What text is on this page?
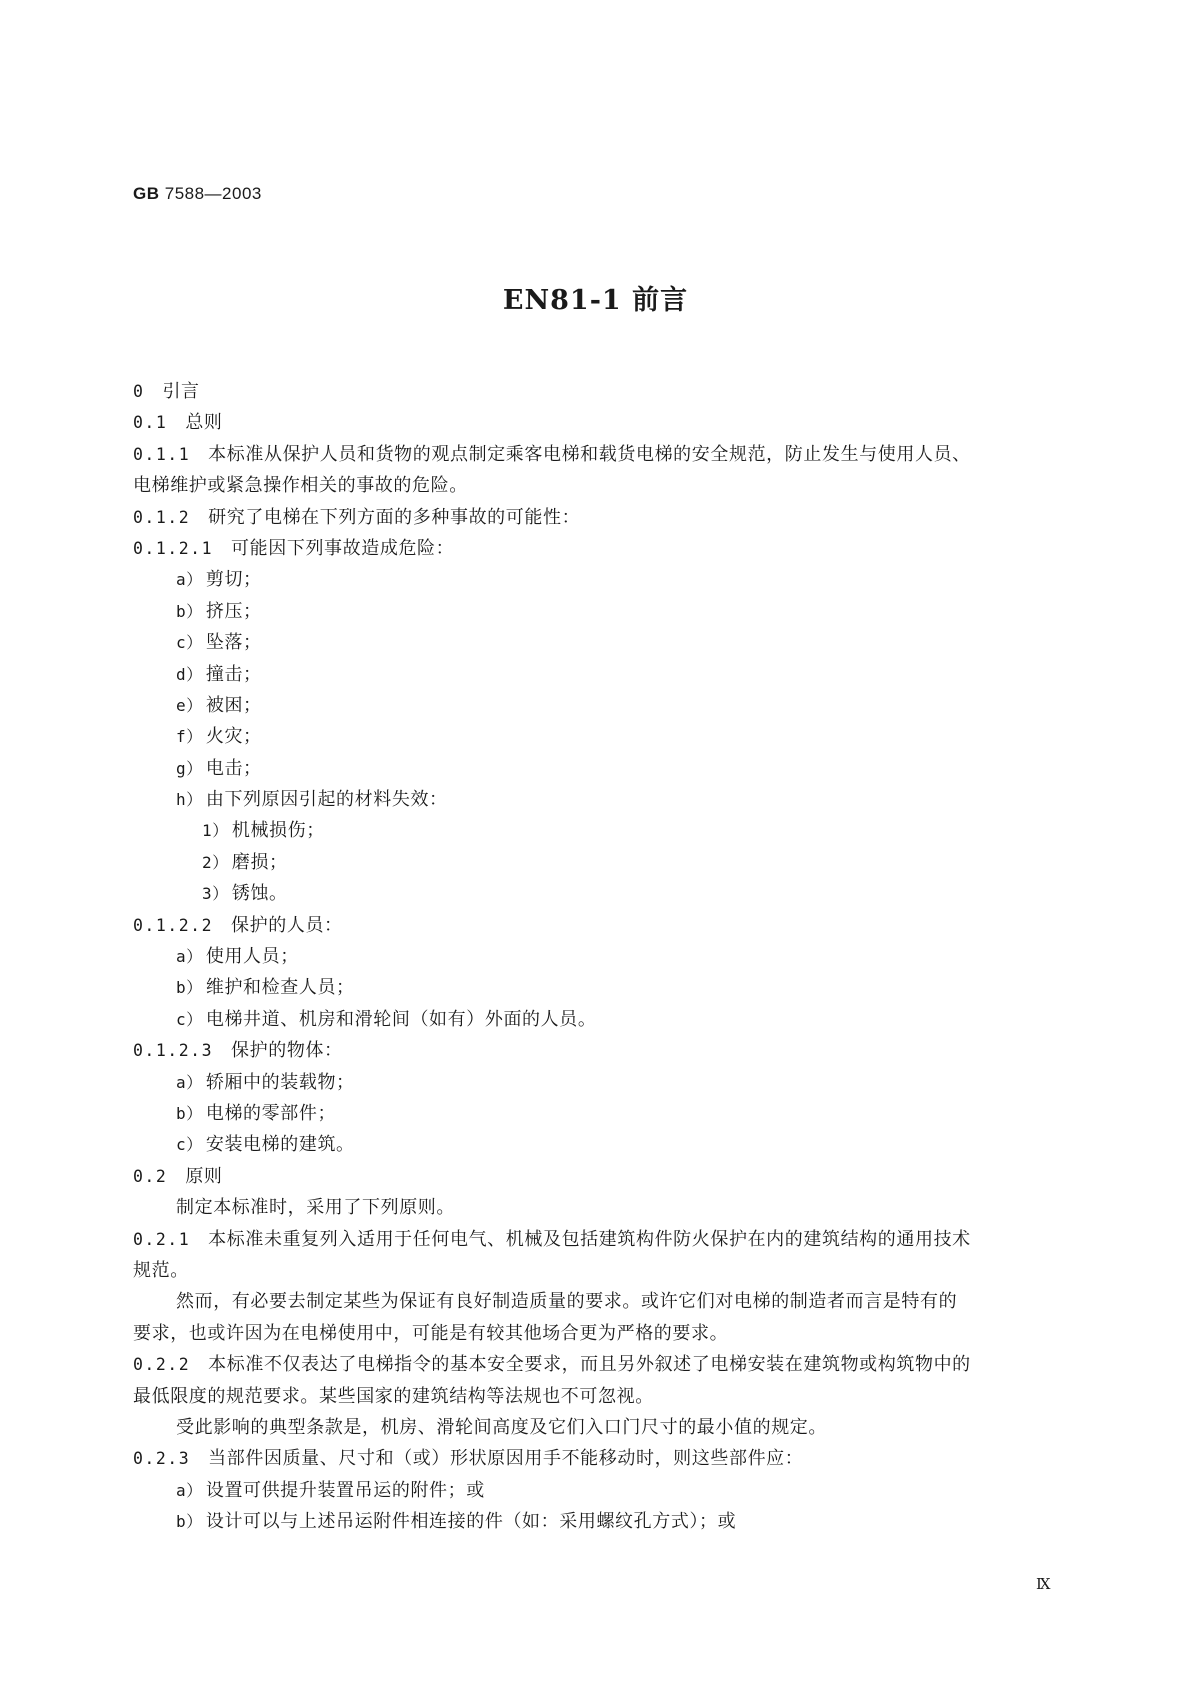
GB 7588—2003
EN81-1 前言
0 引言
0.1 总则
0.1.1 本标准从保护人员和货物的观点制定乘客电梯和载货电梯的安全规范，防止发生与使用人员、
电梯维护或紧急操作相关的事故的危险。
0.1.2 研究了电梯在下列方面的多种事故的可能性：
0.1.2.1 可能因下列事故造成危险：
a） 剪切；
b） 挤压；
c） 坠落；
d） 撞击；
e） 被困；
f） 火灾；
g） 电击；
h） 由下列原因引起的材料失效：
1） 机械损伤；
2） 磨损；
3） 锈蚀。
0.1.2.2 保护的人员：
a） 使用人员；
b） 维护和检查人员；
c） 电梯井道、机房和滑轮间（如有）外面的人员。
0.1.2.3 保护的物体：
a） 轿厢中的装载物；
b） 电梯的零部件；
c） 安装电梯的建筑。
0.2 原则
制定本标准时，采用了下列原则。
0.2.1 本标准未重复列入适用于任何电气、机械及包括建筑构件防火保护在内的建筑结构的通用技术
规范。
然而，有必要去制定某些为保证有良好制造质量的要求。或许它们对电梯的制造者而言是特有的
要求，也或许因为在电梯使用中，可能是有较其他场合更为严格的要求。
0.2.2 本标准不仅表达了电梯指令的基本安全要求，而且另外叙述了电梯安装在建筑物或构筑物中的
最低限度的规范要求。某些国家的建筑结构等法规也不可忽视。
受此影响的典型条款是，机房、滑轮间高度及它们入口门尺寸的最小值的规定。
0.2.3 当部件因质量、尺寸和（或）形状原因用手不能移动时，则这些部件应：
a） 设置可供提升装置吊运的附件；或
b） 设计可以与上述吊运附件相连接的件（如：采用螺纹孔方式）；或
Ⅸ
